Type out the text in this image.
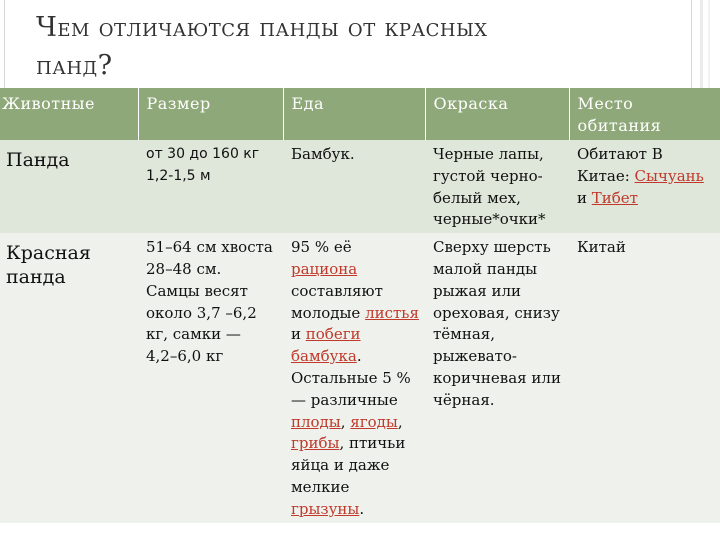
Чем отличаются панды от красных
панд?
Животные	Размер	Еда	Окраска	Место обитания
Панда	от 30 до 160 кг 1,2-1,5 м	Бамбук.	Черные лапы, густой черно-белый мех, черные*очки*	Обитают В Китае: Сычуань и Тибет
Красная панда	51–64 см хвоста 28–48 см. Самцы весят около 3,7 –6,2 кг, самки — 4,2–6,0 кг	95 % её рациона составляют молодые листья и побеги бамбука. Остальные 5 % — различные плоды, ягоды, грибы, птичьи яйца и даже мелкие грызуны.	Сверху шерсть малой панды рыжая или ореховая, снизу тёмная, рыжевато-коричневая или чёрная.	Китай
